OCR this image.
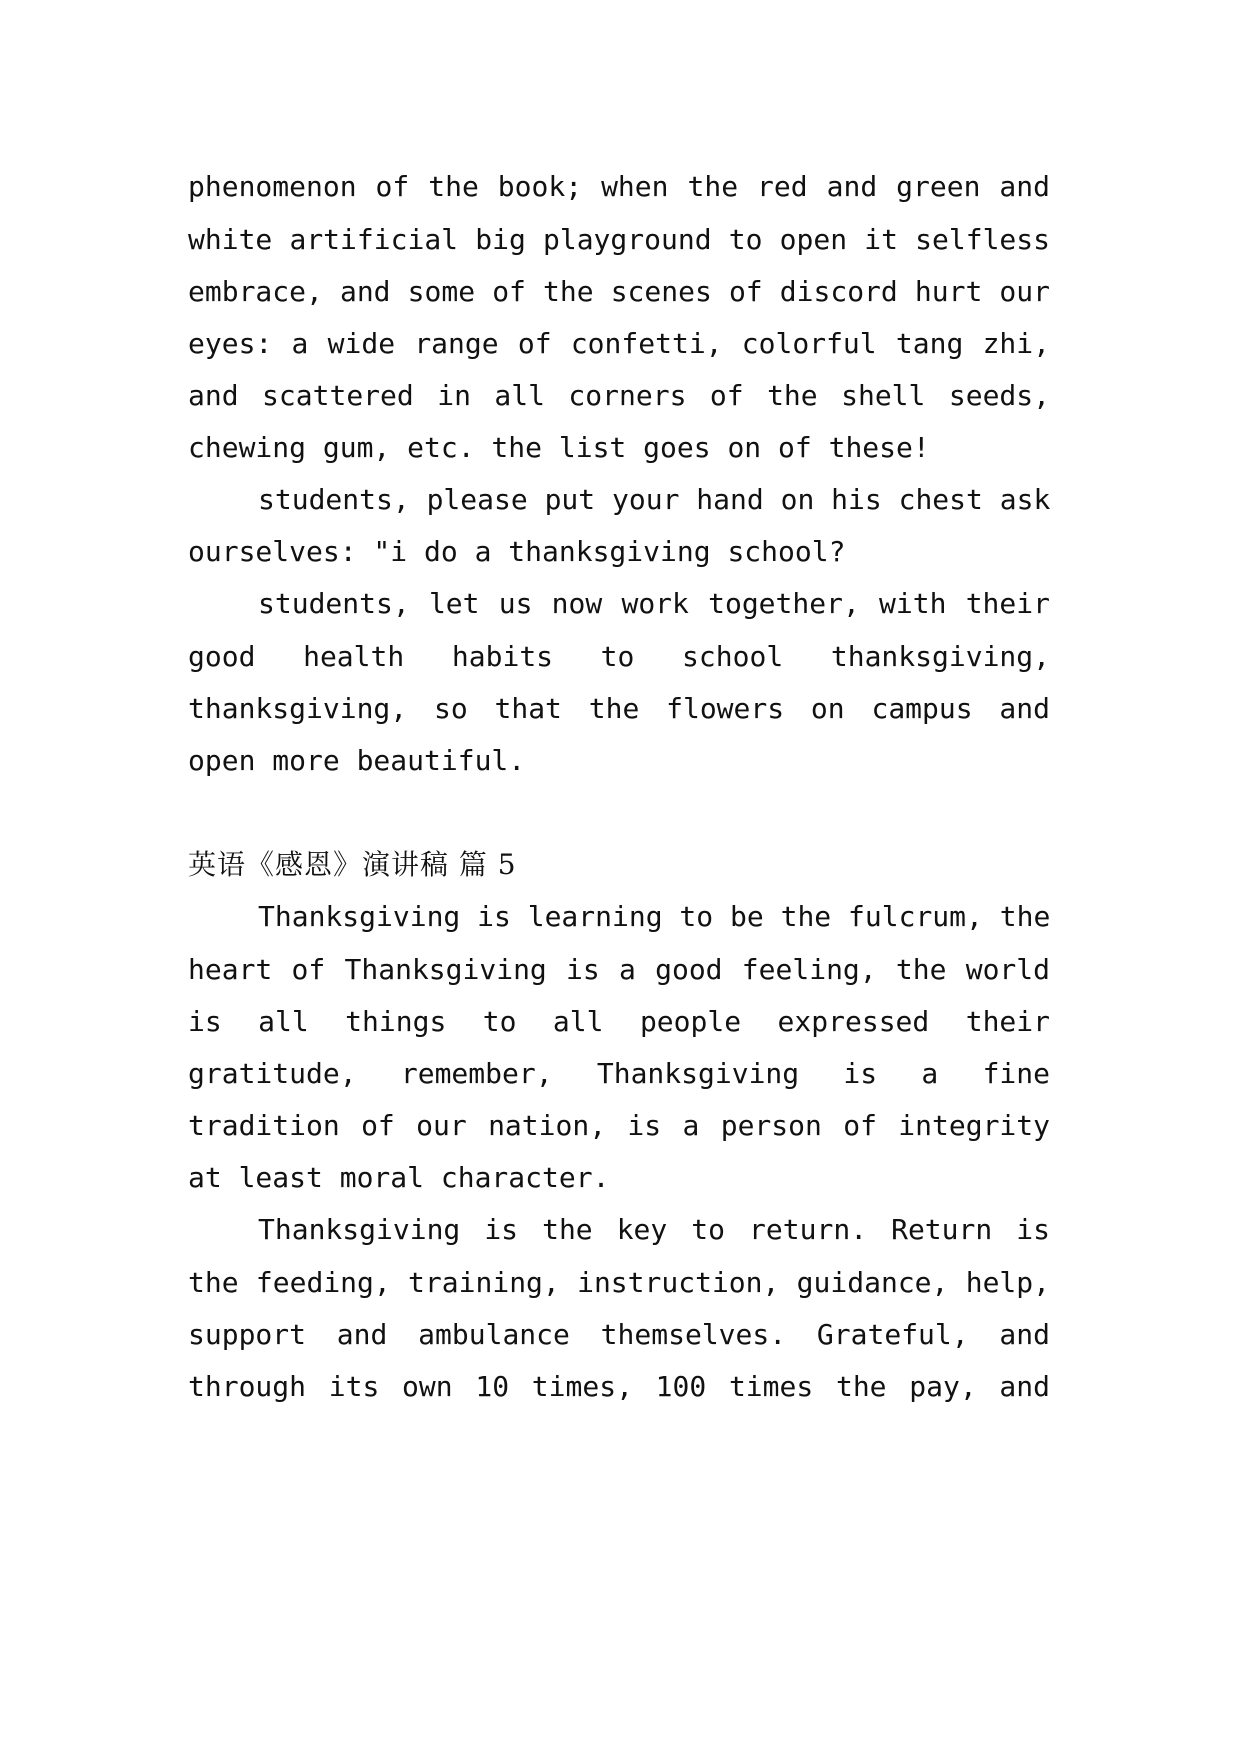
phenomenon of the book; when the red and green and
white artificial big playground to open it selfless
embrace, and some of the scenes of discord hurt our
eyes: a wide range of confetti, colorful tang zhi,
and scattered in all corners of the shell seeds,
chewing gum, etc. the list goes on of these!
students, please put your hand on his chest ask
ourselves: "i do a thanksgiving school?
students, let us now work together, with their
good health habits to school thanksgiving,
thanksgiving, so that the flowers on campus and
open more beautiful.
英语《感恩》演讲稿 篇 5
Thanksgiving is learning to be the fulcrum, the
heart of Thanksgiving is a good feeling, the world
is all things to all people expressed their
gratitude, remember, Thanksgiving is a fine
tradition of our nation, is a person of integrity
at least moral character.
Thanksgiving is the key to return. Return is
the feeding, training, instruction, guidance, help,
support and ambulance themselves. Grateful, and
through its own 10 times, 100 times the pay, and
